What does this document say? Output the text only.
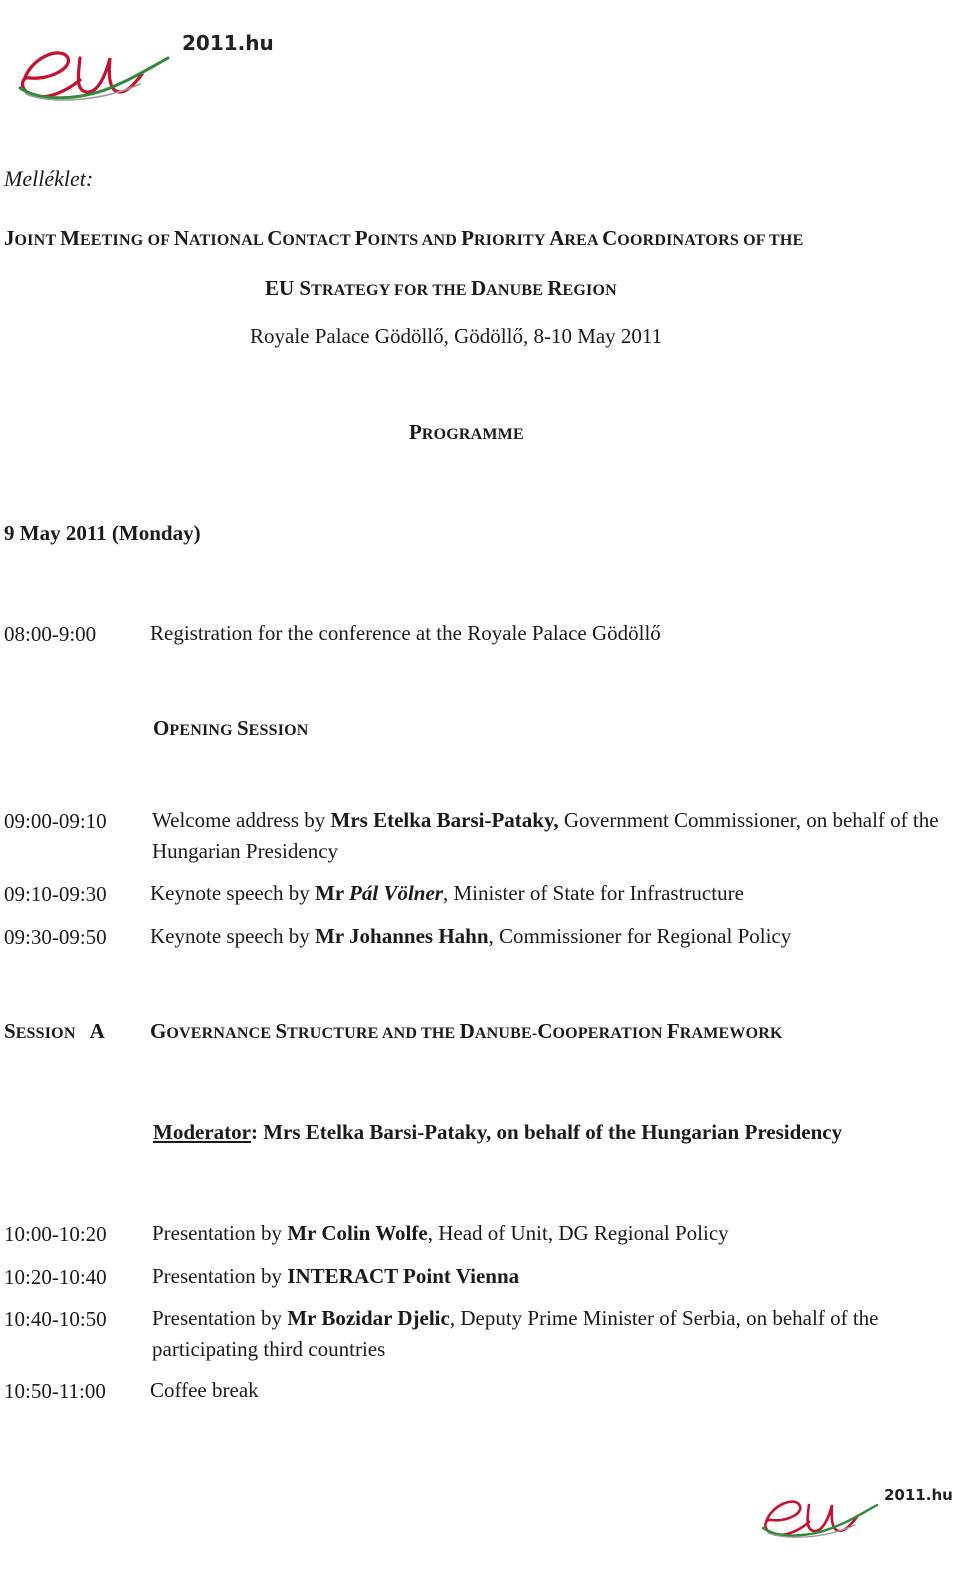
2011.hu
Melléklet:
JOINT MEETING OF NATIONAL CONTACT POINTS AND PRIORITY AREA COORDINATORS OF THE
EU STRATEGY FOR THE DANUBE REGION
Royale Palace Gödöllő, Gödöllő, 8-10 May 2011
PROGRAMME
9 May 2011 (Monday)
08:00-9:00	Registration for the conference at the Royale Palace Gödöllő
OPENING SESSION
09:00-09:10 Welcome address by Mrs Etelka Barsi-Pataky, Government Commissioner, on behalf of the Hungarian Presidency
09:10-09:30 Keynote speech by Mr Pál Völner, Minister of State for Infrastructure
09:30-09:50 Keynote speech by Mr Johannes Hahn, Commissioner for Regional Policy
SESSION A GOVERNANCE STRUCTURE AND THE DANUBE-COOPERATION FRAMEWORK
Moderator: Mrs Etelka Barsi-Pataky, on behalf of the Hungarian Presidency
10:00-10:20 Presentation by Mr Colin Wolfe, Head of Unit, DG Regional Policy
10:20-10:40 Presentation by INTERACT Point Vienna
10:40-10:50 Presentation by Mr Bozidar Djelic, Deputy Prime Minister of Serbia, on behalf of the participating third countries
10:50-11:00 Coffee break
2011.hu
